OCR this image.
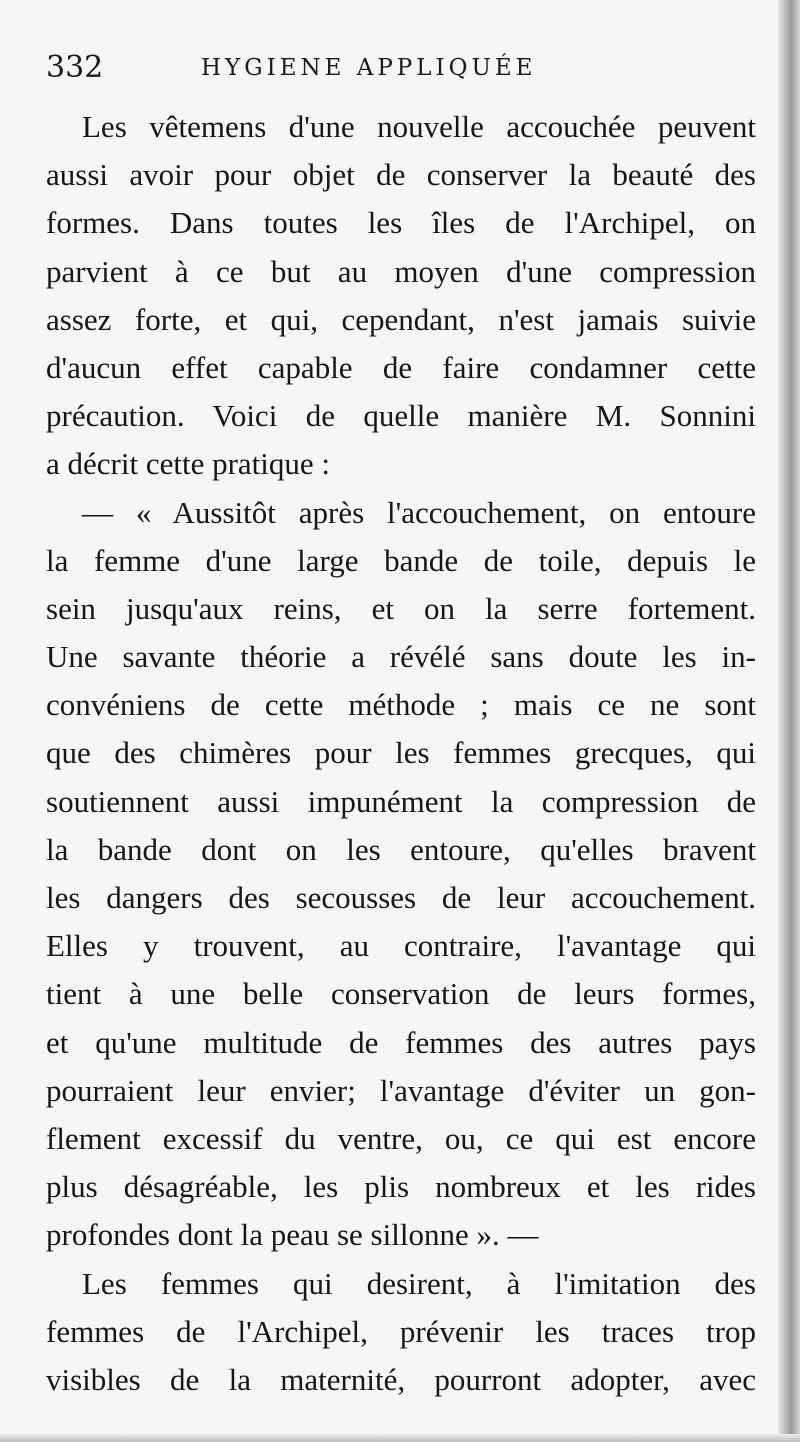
332	HYGIENE APPLIQUÉE
Les vêtemens d'une nouvelle accouchée peuvent
aussi avoir pour objet de conserver la beauté des
formes. Dans toutes les îles de l'Archipel, on
parvient à ce but au moyen d'une compression
assez forte, et qui, cependant, n'est jamais suivie
d'aucun effet capable de faire condamner cette
précaution. Voici de quelle manière M. Sonnini
a décrit cette pratique :
— « Aussitôt après l'accouchement, on entoure
la femme d'une large bande de toile, depuis le
sein jusqu'aux reins, et on la serre fortement.
Une savante théorie a révélé sans doute les in-
convéniens de cette méthode ; mais ce ne sont
que des chimères pour les femmes grecques, qui
soutiennent aussi impunément la compression de
la bande dont on les entoure, qu'elles bravent
les dangers des secousses de leur accouchement.
Elles y trouvent, au contraire, l'avantage qui
tient à une belle conservation de leurs formes,
et qu'une multitude de femmes des autres pays
pourraient leur envier; l'avantage d'éviter un gon-
flement excessif du ventre, ou, ce qui est encore
plus désagréable, les plis nombreux et les rides
profondes dont la peau se sillonne ». —
Les femmes qui desirent, à l'imitation des
femmes de l'Archipel, prévenir les traces trop
visibles de la maternité, pourront adopter, avec
